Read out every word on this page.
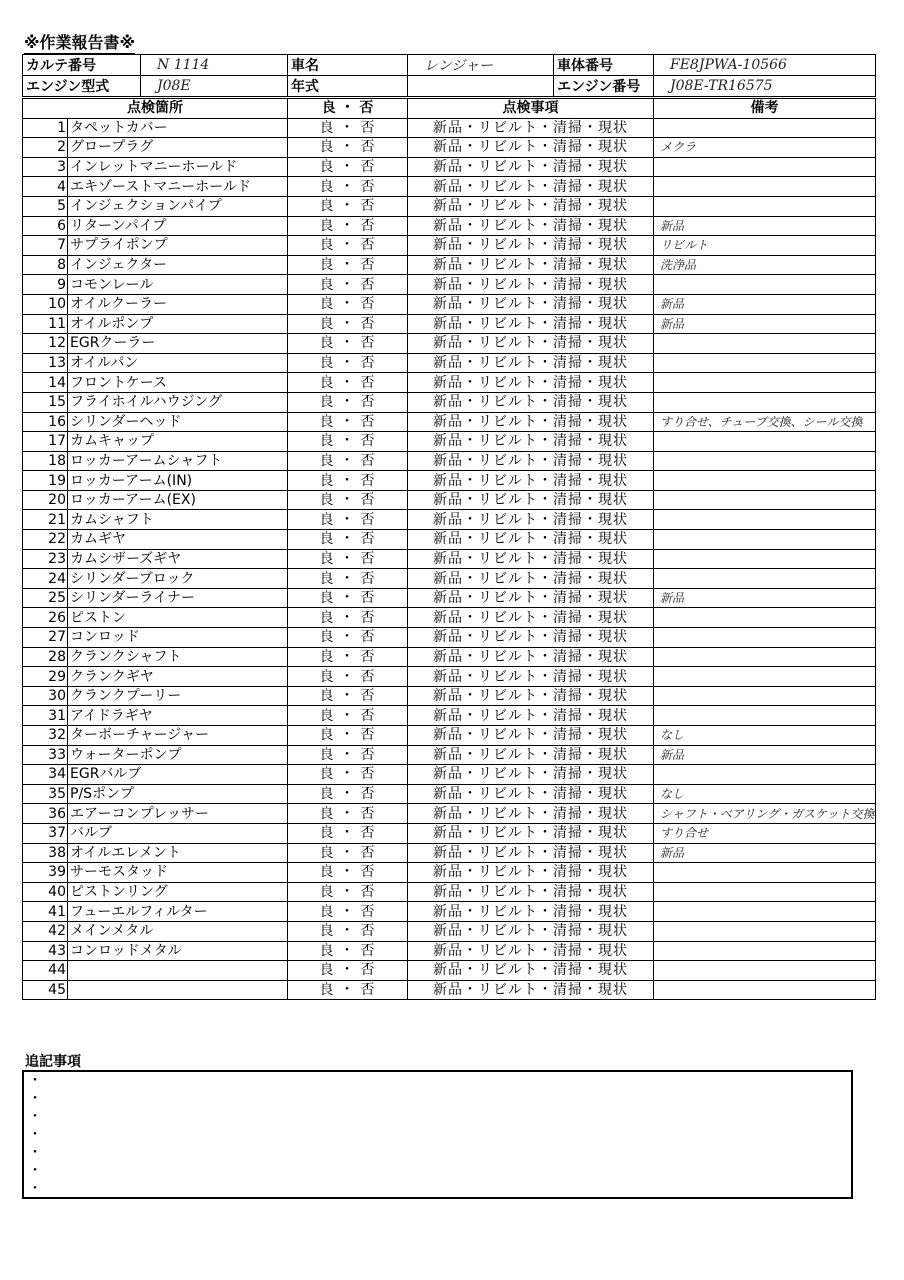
※作業報告書※
カルテ番号	N 1114	車名	レンジャー	車体番号	FE8JPWA-10566
エンジン型式	J08E	年式		エンジン番号	J08E-TR16575
点検箇所		良 ・ 否	点検事項	備考
1	タペットカバー	良 ・ 否	新品・リビルト・清掃・現状	
2	グロープラグ	良 ・ 否	新品・リビルト・清掃・現状	メクラ
3	インレットマニーホールド	良 ・ 否	新品・リビルト・清掃・現状	
4	エキゾーストマニーホールド	良 ・ 否	新品・リビルト・清掃・現状	
5	インジェクションパイプ	良 ・ 否	新品・リビルト・清掃・現状	
6	リターンパイプ	良 ・ 否	新品・リビルト・清掃・現状	新品
7	サプライポンプ	良 ・ 否	新品・リビルト・清掃・現状	リビルト
8	インジェクター	良 ・ 否	新品・リビルト・清掃・現状	洗浄品
9	コモンレール	良 ・ 否	新品・リビルト・清掃・現状	
10	オイルクーラー	良 ・ 否	新品・リビルト・清掃・現状	新品
11	オイルポンプ	良 ・ 否	新品・リビルト・清掃・現状	新品
12	EGRクーラー	良 ・ 否	新品・リビルト・清掃・現状	
13	オイルパン	良 ・ 否	新品・リビルト・清掃・現状	
14	フロントケース	良 ・ 否	新品・リビルト・清掃・現状	
15	フライホイルハウジング	良 ・ 否	新品・リビルト・清掃・現状	
16	シリンダーヘッド	良 ・ 否	新品・リビルト・清掃・現状	すり合せ、チューブ交換、シール交換
17	カムキャップ	良 ・ 否	新品・リビルト・清掃・現状	
18	ロッカーアームシャフト	良 ・ 否	新品・リビルト・清掃・現状	
19	ロッカーアーム(IN)	良 ・ 否	新品・リビルト・清掃・現状	
20	ロッカーアーム(EX)	良 ・ 否	新品・リビルト・清掃・現状	
21	カムシャフト	良 ・ 否	新品・リビルト・清掃・現状	
22	カムギヤ	良 ・ 否	新品・リビルト・清掃・現状	
23	カムシザーズギヤ	良 ・ 否	新品・リビルト・清掃・現状	
24	シリンダーブロック	良 ・ 否	新品・リビルト・清掃・現状	
25	シリンダーライナー	良 ・ 否	新品・リビルト・清掃・現状	新品
26	ピストン	良 ・ 否	新品・リビルト・清掃・現状	
27	コンロッド	良 ・ 否	新品・リビルト・清掃・現状	
28	クランクシャフト	良 ・ 否	新品・リビルト・清掃・現状	
29	クランクギヤ	良 ・ 否	新品・リビルト・清掃・現状	
30	クランクプーリー	良 ・ 否	新品・リビルト・清掃・現状	
31	アイドラギヤ	良 ・ 否	新品・リビルト・清掃・現状	
32	ターボーチャージャー	良 ・ 否	新品・リビルト・清掃・現状	なし
33	ウォーターポンプ	良 ・ 否	新品・リビルト・清掃・現状	新品
34	EGRバルブ	良 ・ 否	新品・リビルト・清掃・現状	
35	P/Sポンプ	良 ・ 否	新品・リビルト・清掃・現状	なし
36	エアーコンプレッサー	良 ・ 否	新品・リビルト・清掃・現状	シャフト・ベアリング・ガスケット交換
37	バルブ	良 ・ 否	新品・リビルト・清掃・現状	すり合せ
38	オイルエレメント	良 ・ 否	新品・リビルト・清掃・現状	新品
39	サーモスタッド	良 ・ 否	新品・リビルト・清掃・現状	
40	ピストンリング	良 ・ 否	新品・リビルト・清掃・現状	
41	フューエルフィルター	良 ・ 否	新品・リビルト・清掃・現状	
42	メインメタル	良 ・ 否	新品・リビルト・清掃・現状	
43	コンロッドメタル	良 ・ 否	新品・リビルト・清掃・現状	
44		良 ・ 否	新品・リビルト・清掃・現状	
45		良 ・ 否	新品・リビルト・清掃・現状	
追記事項
・
・
・
・
・
・
・
